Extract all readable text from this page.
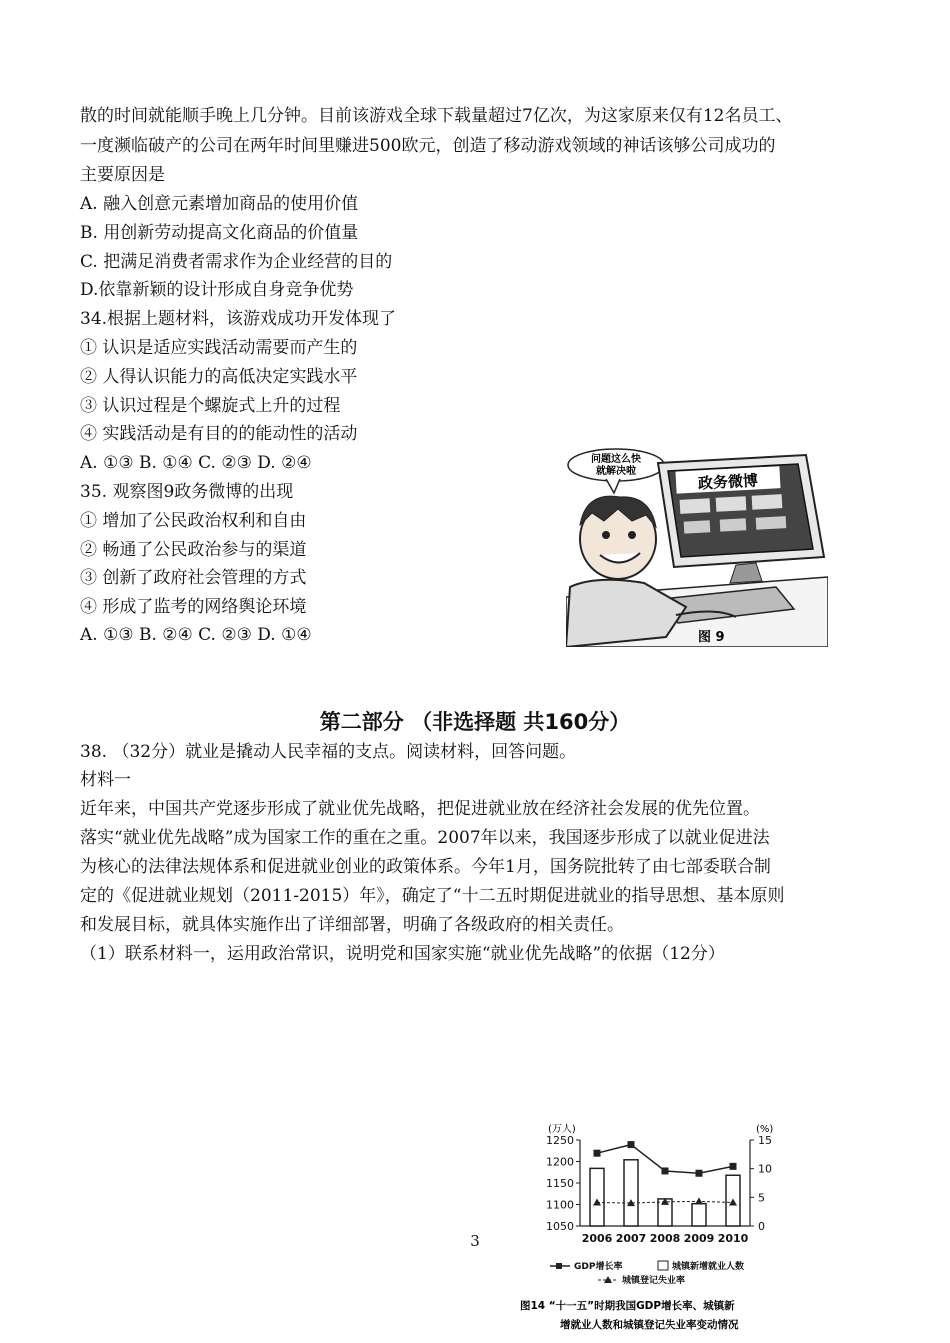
散的时间就能顺手晚上几分钟。目前该游戏全球下载量超过7亿次，为这家原来仅有12名员工、
一度濒临破产的公司在两年时间里赚进500欧元，创造了移动游戏领域的神话该够公司成功的
主要原因是
A. 融入创意元素增加商品的使用价值
B. 用创新劳动提高文化商品的价值量
C. 把满足消费者需求作为企业经营的目的
D.依靠新颖的设计形成自身竞争优势
34.根据上题材料，该游戏成功开发体现了
① 认识是适应实践活动需要而产生的
② 人得认识能力的高低决定实践水平
③ 认识过程是个螺旋式上升的过程
④ 实践活动是有目的的能动性的活动
A. ①③ B. ①④ C. ②③ D. ②④
35. 观察图9政务微博的出现
① 增加了公民政治权利和自由
② 畅通了公民政治参与的渠道
③ 创新了政府社会管理的方式
④ 形成了监考的网络舆论环境
A. ①③ B. ②④ C. ②③ D. ①④
问题这么快
就解决啦	政务微博
图 9
第二部分 （非选择题 共160分）
38. （32分）就业是撬动人民幸福的支点。阅读材料，回答问题。
材料一
近年来，中国共产党逐步形成了就业优先战略，把促进就业放在经济社会发展的优先位置。
落实“就业优先战略”成为国家工作的重在之重。2007年以来，我国逐步形成了以就业促进法
为核心的法律法规体系和促进就业创业的政策体系。今年1月，国务院批转了由七部委联合制
定的《促进就业规划（2011-2015）年》，确定了“十二五时期促进就业的指导思想、基本原则
和发展目标，就具体实施作出了详细部署，明确了各级政府的相关责任。
（1）联系材料一，运用政治常识，说明党和国家实施“就业优先战略”的依据（12分）
(万人)	(%)
1250
1200
1150
1100
1050
15
10
5
0
2006 2007 2008 2009 2010
GDP增长率	城镇新增就业人数
城镇登记失业率
图14 “十一五”时期我国GDP增长率、城镇新
增就业人数和城镇登记失业率变动情况
3
